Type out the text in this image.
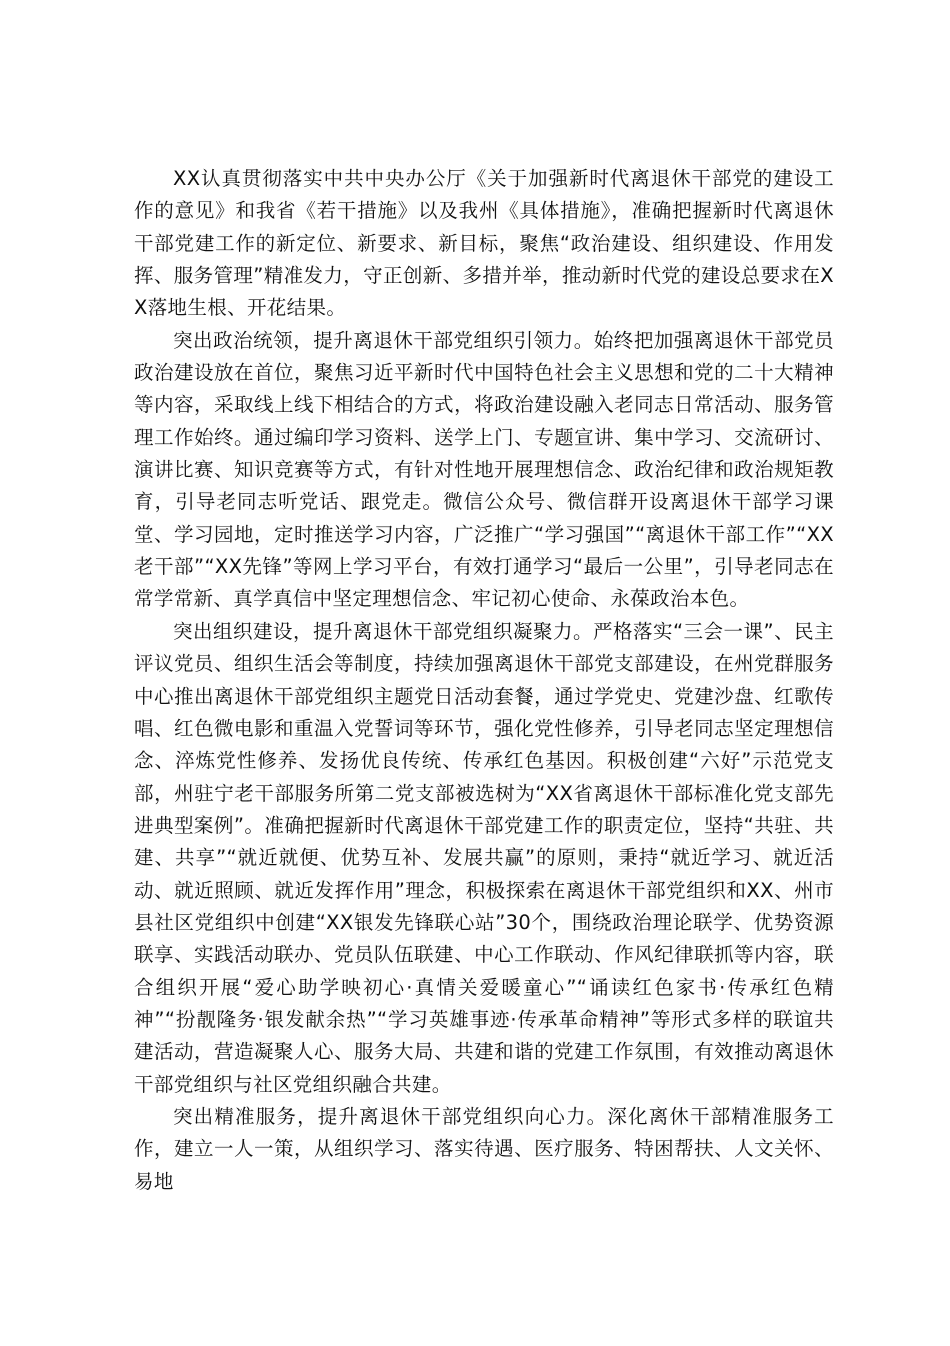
XX认真贯彻落实中共中央办公厅《关于加强新时代离退休干部党的建设工作的意见》和我省《若干措施》以及我州《具体措施》，准确把握新时代离退休干部党建工作的新定位、新要求、新目标，聚焦“政治建设、组织建设、作用发挥、服务管理”精准发力，守正创新、多措并举，推动新时代党的建设总要求在XX落地生根、开花结果。

突出政治统领，提升离退休干部党组织引领力。始终把加强离退休干部党员政治建设放在首位，聚焦习近平新时代中国特色社会主义思想和党的二十大精神等内容，采取线上线下相结合的方式，将政治建设融入老同志日常活动、服务管理工作始终。通过编印学习资料、送学上门、专题宣讲、集中学习、交流研讨、演讲比赛、知识竞赛等方式，有针对性地开展理想信念、政治纪律和政治规矩教育，引导老同志听党话、跟党走。微信公众号、微信群开设离退休干部学习课堂、学习园地，定时推送学习内容，广泛推广“学习强国”“离退休干部工作”“XX老干部”“XX先锋”等网上学习平台，有效打通学习“最后一公里”，引导老同志在常学常新、真学真信中坚定理想信念、牢记初心使命、永葆政治本色。

突出组织建设，提升离退休干部党组织凝聚力。严格落实“三会一课”、民主评议党员、组织生活会等制度，持续加强离退休干部党支部建设，在州党群服务中心推出离退休干部党组织主题党日活动套餐，通过学党史、党建沙盘、红歌传唱、红色微电影和重温入党誓词等环节，强化党性修养，引导老同志坚定理想信念、淬炼党性修养、发扬优良传统、传承红色基因。积极创建“六好”示范党支部，州驻宁老干部服务所第二党支部被选树为“XX省离退休干部标准化党支部先进典型案例”。准确把握新时代离退休干部党建工作的职责定位，坚持“共驻、共建、共享”“就近就便、优势互补、发展共赢”的原则，秉持“就近学习、就近活动、就近照顾、就近发挥作用”理念，积极探索在离退休干部党组织和XX、州市县社区党组织中创建“XX银发先锋联心站”30个，围绕政治理论联学、优势资源联享、实践活动联办、党员队伍联建、中心工作联动、作风纪律联抓等内容，联合组织开展“爱心助学映初心·真情关爱暖童心”“诵读红色家书·传承红色精神”“扮靓隆务·银发献余热”“学习英雄事迹·传承革命精神”等形式多样的联谊共建活动，营造凝聚人心、服务大局、共建和谐的党建工作氛围，有效推动离退休干部党组织与社区党组织融合共建。

突出精准服务，提升离退休干部党组织向心力。深化离休干部精准服务工作，建立一人一策，从组织学习、落实待遇、医疗服务、特困帮扶、人文关怀、易地
